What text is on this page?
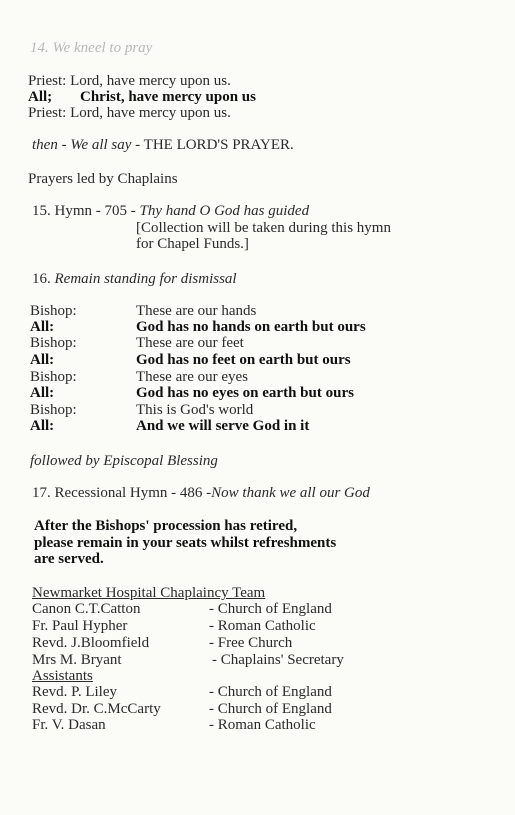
14. We kneel to pray
Priest: Lord, have mercy upon us.
All; Christ, have mercy upon us
Priest: Lord, have mercy upon us.
then - We all say - THE LORD'S PRAYER.
Prayers led by Chaplains
15. Hymn - 705 - Thy hand O God has guided
[Collection will be taken during this hymn
for Chapel Funds.]
16. Remain standing for dismissal
Bishop:	These are our hands
All:	God has no hands on earth but ours
Bishop:	These are our feet
All:	God has no feet on earth but ours
Bishop:	These are our eyes
All:	God has no eyes on earth but ours
Bishop:	This is God's world
All:	And we will serve God in it
followed by Episcopal Blessing
17. Recessional Hymn - 486 -Now thank we all our God
After the Bishops' procession has retired,
please remain in your seats whilst refreshments
are served.
Newmarket Hospital Chaplaincy Team
Canon C.T.Catton	- Church of England
Fr. Paul Hypher	- Roman Catholic
Revd. J.Bloomfield	- Free Church
Mrs M. Bryant	- Chaplains' Secretary
Assistants
Revd. P. Liley	- Church of England
Revd. Dr. C.McCarty	- Church of England
Fr. V. Dasan	- Roman Catholic
